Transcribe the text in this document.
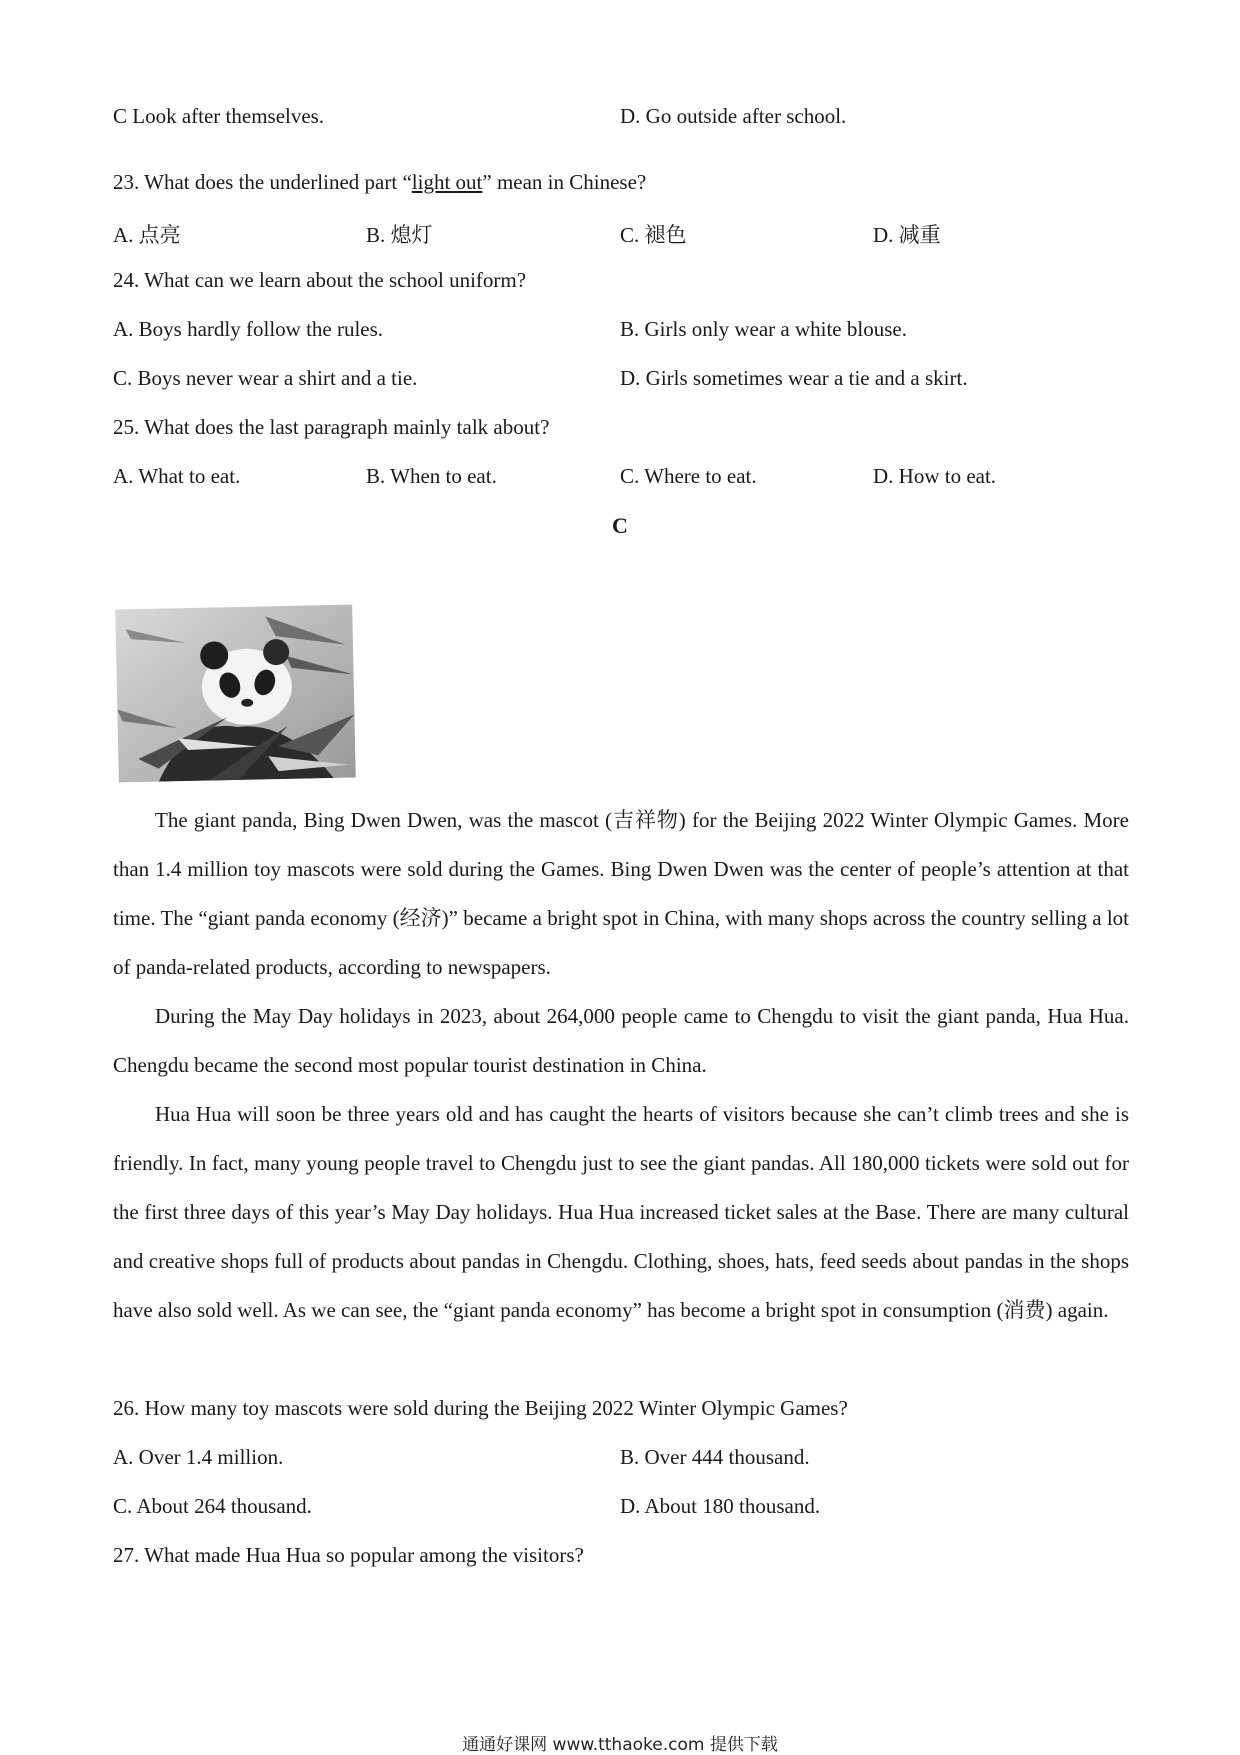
C Look after themselves.	D. Go outside after school.
23. What does the underlined part “light out” mean in Chinese?
A. 点亮	B. 熄灯	C. 褪色	D. 减重
24. What can we learn about the school uniform?
A. Boys hardly follow the rules.	B. Girls only wear a white blouse.
C. Boys never wear a shirt and a tie.	D. Girls sometimes wear a tie and a skirt.
25. What does the last paragraph mainly talk about?
A. What to eat.	B. When to eat.	C. Where to eat.	D. How to eat.
C

The giant panda, Bing Dwen Dwen, was the mascot (吉祥物) for the Beijing 2022 Winter Olympic Games. More than 1.4 million toy mascots were sold during the Games. Bing Dwen Dwen was the center of people’s attention at that time. The “giant panda economy (经济)” became a bright spot in China, with many shops across the country selling a lot of panda-related products, according to newspapers.

During the May Day holidays in 2023, about 264,000 people came to Chengdu to visit the giant panda, Hua Hua. Chengdu became the second most popular tourist destination in China.

Hua Hua will soon be three years old and has caught the hearts of visitors because she can’t climb trees and she is friendly. In fact, many young people travel to Chengdu just to see the giant pandas. All 180,000 tickets were sold out for the first three days of this year’s May Day holidays. Hua Hua increased ticket sales at the Base. There are many cultural and creative shops full of products about pandas in Chengdu. Clothing, shoes, hats, feed seeds about pandas in the shops have also sold well. As we can see, the “giant panda economy” has become a bright spot in consumption (消费) again.

26. How many toy mascots were sold during the Beijing 2022 Winter Olympic Games?
A. Over 1.4 million.	B. Over 444 thousand.
C. About 264 thousand.	D. About 180 thousand.
27. What made Hua Hua so popular among the visitors?
通通好课网 www.tthaoke.com 提供下载
